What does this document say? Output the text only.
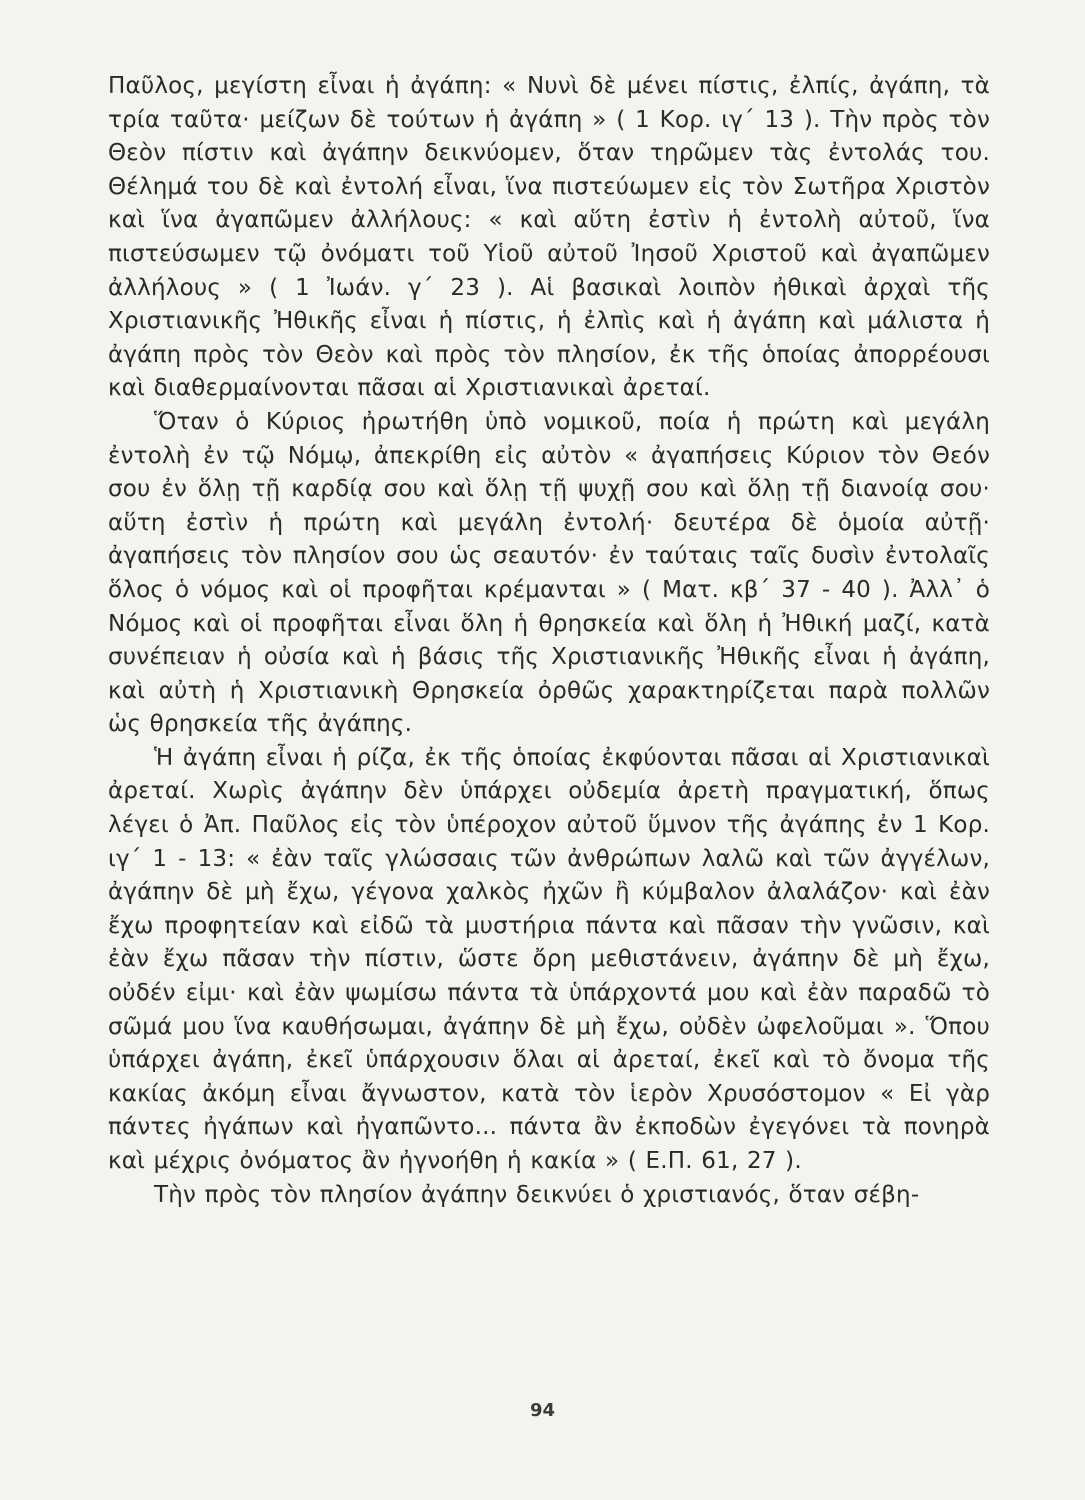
Παῦλος, μεγίστη εἶναι ἡ ἀγάπη: « Νυνὶ δὲ μένει πίστις, ἐλπίς, ἀγάπη, τὰ τρία ταῦτα· μείζων δὲ τούτων ἡ ἀγάπη » ( 1 Κορ. ιγ΄ 13 ). Τὴν πρὸς τὸν Θεὸν πίστιν καὶ ἀγάπην δεικνύομεν, ὅταν τηρῶμεν τὰς ἐντολάς του. Θέλημά του δὲ καὶ ἐντολή εἶναι, ἵνα πιστεύωμεν εἰς τὸν Σωτῆρα Χριστὸν καὶ ἵνα ἀγαπῶμεν ἀλλήλους: « καὶ αὕτη ἐστὶν ἡ ἐντολὴ αὐτοῦ, ἵνα πιστεύσωμεν τῷ ὀνόματι τοῦ Υἱοῦ αὐτοῦ Ἰησοῦ Χριστοῦ καὶ ἀγαπῶμεν ἀλλήλους » ( 1 Ἰωάν. γ΄ 23 ). Αἱ βασικαὶ λοιπὸν ἠθικαὶ ἀρχαὶ τῆς Χριστιανικῆς Ἠθικῆς εἶναι ἡ πίστις, ἡ ἐλπὶς καὶ ἡ ἀγάπη καὶ μάλιστα ἡ ἀγάπη πρὸς τὸν Θεὸν καὶ πρὸς τὸν πλησίον, ἐκ τῆς ὁποίας ἀπορρέουσι καὶ διαθερμαίνονται πᾶσαι αἱ Χριστιανικαὶ ἀρεταί.

Ὅταν ὁ Κύριος ἠρωτήθη ὑπὸ νομικοῦ, ποία ἡ πρώτη καὶ μεγάλη ἐντολὴ ἐν τῷ Νόμῳ, ἀπεκρίθη εἰς αὐτὸν « ἀγαπήσεις Κύριον τὸν Θεόν σου ἐν ὅλῃ τῇ καρδίᾳ σου καὶ ὅλῃ τῇ ψυχῇ σου καὶ ὅλῃ τῇ διανοίᾳ σου· αὕτη ἐστὶν ἡ πρώτη καὶ μεγάλη ἐντολή· δευτέρα δὲ ὁμοία αὐτῇ· ἀγαπήσεις τὸν πλησίον σου ὡς σεαυτόν· ἐν ταύταις ταῖς δυσὶν ἐντολαῖς ὅλος ὁ νόμος καὶ οἱ προφῆται κρέμανται » ( Ματ. κβ΄ 37 - 40 ). Ἀλλ᾽ ὁ Νόμος καὶ οἱ προφῆται εἶναι ὅλη ἡ θρησκεία καὶ ὅλη ἡ Ἠθική μαζί, κατὰ συνέπειαν ἡ οὐσία καὶ ἡ βάσις τῆς Χριστιανικῆς Ἠθικῆς εἶναι ἡ ἀγάπη, καὶ αὐτὴ ἡ Χριστιανικὴ Θρησκεία ὀρθῶς χαρακτηρίζεται παρὰ πολλῶν ὡς θρησκεία τῆς ἀγάπης.

Ἡ ἀγάπη εἶναι ἡ ρίζα, ἐκ τῆς ὁποίας ἐκφύονται πᾶσαι αἱ Χριστιανικαὶ ἀρεταί. Χωρὶς ἀγάπην δὲν ὑπάρχει οὐδεμία ἀρετὴ πραγματική, ὅπως λέγει ὁ Ἀπ. Παῦλος εἰς τὸν ὑπέροχον αὐτοῦ ὕμνον τῆς ἀγάπης ἐν 1 Κορ. ιγ΄ 1 - 13: « ἐὰν ταῖς γλώσσαις τῶν ἀνθρώπων λαλῶ καὶ τῶν ἀγγέλων, ἀγάπην δὲ μὴ ἔχω, γέγονα χαλκὸς ἠχῶν ἢ κύμβαλον ἀλαλάζον· καὶ ἐὰν ἔχω προφητείαν καὶ εἰδῶ τὰ μυστήρια πάντα καὶ πᾶσαν τὴν γνῶσιν, καὶ ἐὰν ἔχω πᾶσαν τὴν πίστιν, ὥστε ὄρη μεθιστάνειν, ἀγάπην δὲ μὴ ἔχω, οὐδέν εἰμι· καὶ ἐὰν ψωμίσω πάντα τὰ ὑπάρχοντά μου καὶ ἐὰν παραδῶ τὸ σῶμά μου ἵνα καυθήσωμαι, ἀγάπην δὲ μὴ ἔχω, οὐδὲν ὠφελοῦμαι ». Ὅπου ὑπάρχει ἀγάπη, ἐκεῖ ὑπάρχουσιν ὅλαι αἱ ἀρεταί, ἐκεῖ καὶ τὸ ὄνομα τῆς κακίας ἀκόμη εἶναι ἄγνωστον, κατὰ τὸν ἱερὸν Χρυσόστομον « Εἰ γὰρ πάντες ἠγάπων καὶ ἠγαπῶντο... πάντα ἂν ἐκποδὼν ἐγεγόνει τὰ πονηρὰ καὶ μέχρις ὀνόματος ἂν ἠγνοήθη ἡ κακία » ( Ε.Π. 61, 27 ).

Τὴν πρὸς τὸν πλησίον ἀγάπην δεικνύει ὁ χριστιανός, ὅταν σέβη-

94
